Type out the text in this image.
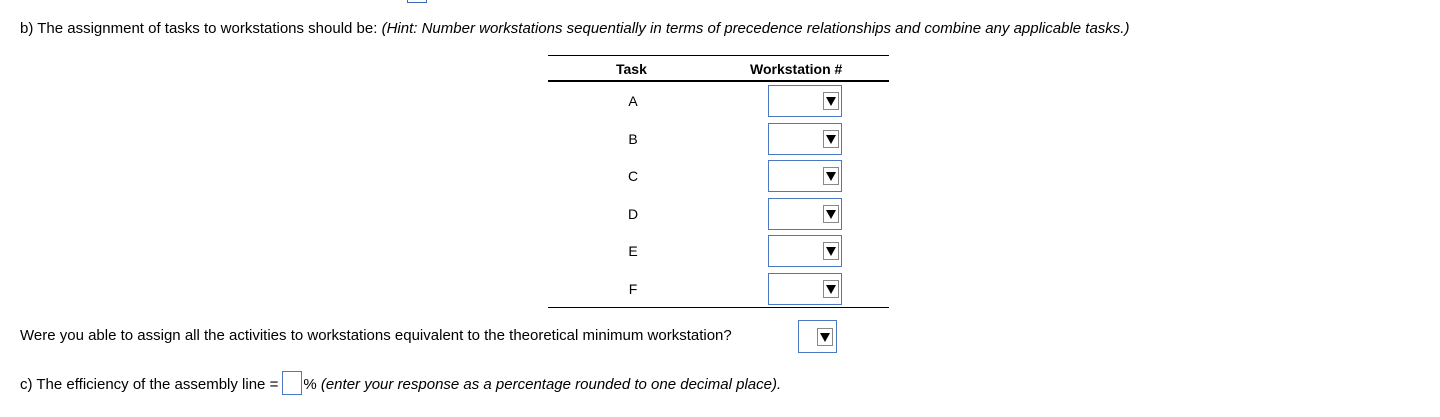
b) The assignment of tasks to workstations should be: (Hint: Number workstations sequentially in terms of precedence relationships and combine any applicable tasks.)
Task	Workstation #
A
B
C
D
E
F
Were you able to assign all the activities to workstations equivalent to the theoretical minimum workstation?
c) The efficiency of the assembly line = % (enter your response as a percentage rounded to one decimal place).
